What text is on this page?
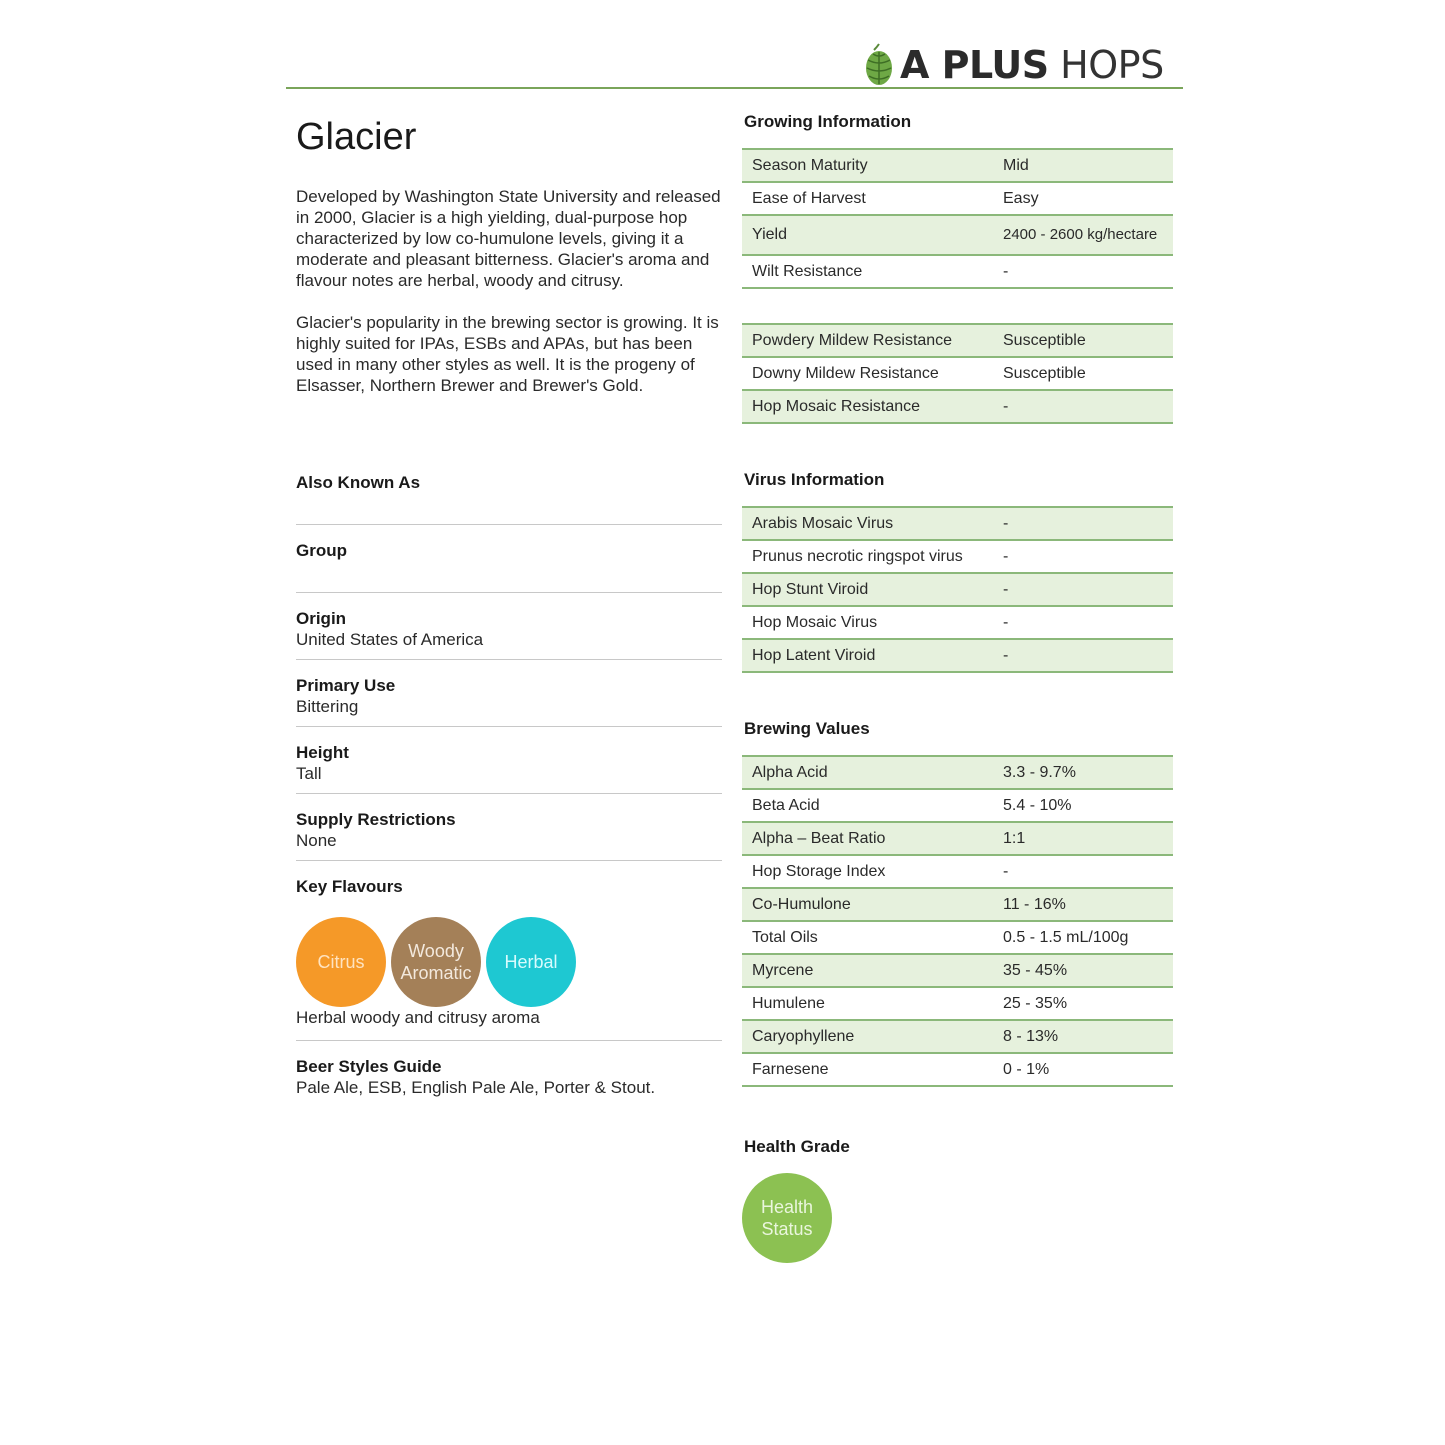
A PLUS HOPS
Glacier

Developed by Washington State University and released in 2000, Glacier is a high yielding, dual-purpose hop characterized by low co-humulone levels, giving it a moderate and pleasant bitterness. Glacier's aroma and flavour notes are herbal, woody and citrusy.

Glacier's popularity in the brewing sector is growing. It is highly suited for IPAs, ESBs and APAs, but has been used in many other styles as well. It is the progeny of Elsasser, Northern Brewer and Brewer's Gold.

Also Known As
Group
Origin
United States of America
Primary Use
Bittering
Height
Tall
Supply Restrictions
None
Key Flavours
Citrus
Woody
Aromatic
Herbal
Herbal woody and citrusy aroma
Beer Styles Guide
Pale Ale, ESB, English Pale Ale, Porter & Stout.
Growing Information
Season Maturity	Mid
Ease of Harvest	Easy
Yield	2400 - 2600 kg/hectare
Wilt Resistance	-
Powdery Mildew Resistance	Susceptible
Downy Mildew Resistance	Susceptible
Hop Mosaic Resistance	-
Virus Information
Arabis Mosaic Virus	-
Prunus necrotic ringspot virus	-
Hop Stunt Viroid	-
Hop Mosaic Virus	-
Hop Latent Viroid	-
Brewing Values
Alpha Acid	3.3 - 9.7%
Beta Acid	5.4 - 10%
Alpha – Beat Ratio	1:1
Hop Storage Index	-
Co-Humulone	11 - 16%
Total Oils	0.5 - 1.5 mL/100g
Myrcene	35 - 45%
Humulene	25 - 35%
Caryophyllene	8 - 13%
Farnesene	0 - 1%
Health Grade
Health
Status
